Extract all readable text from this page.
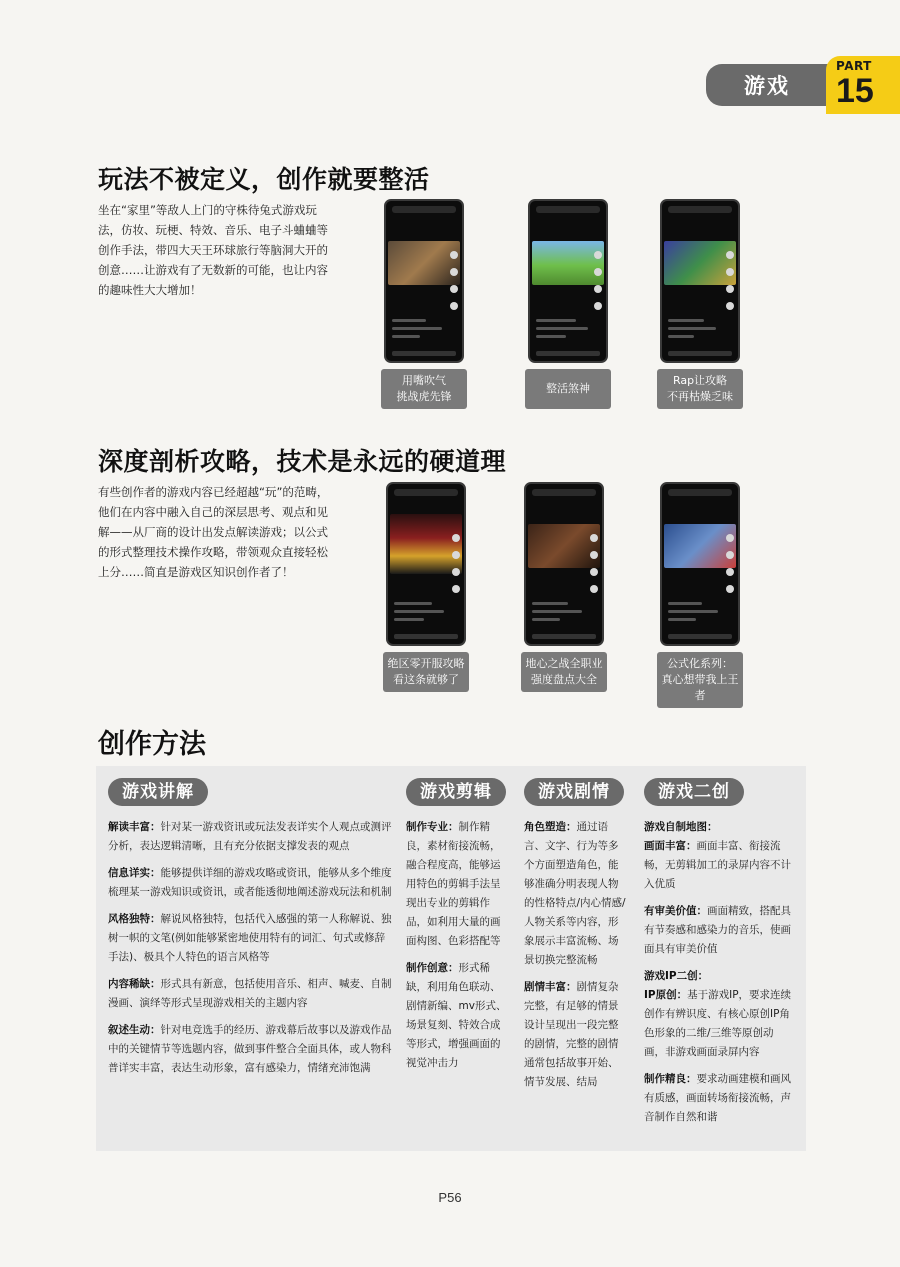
游戏
PART
15
玩法不被定义，创作就要整活
坐在“家里”等敌人上门的守株待兔式游戏玩法，仿妆、玩梗、特效、音乐、电子斗蛐蛐等创作手法，带四大天王环球旅行等脑洞大开的创意……让游戏有了无数新的可能，也让内容的趣味性大大增加！
用嘴吹气
挑战虎先锋
整活煞神
Rap让攻略
不再枯燥乏味
深度剖析攻略，技术是永远的硬道理
有些创作者的游戏内容已经超越“玩”的范畴，他们在内容中融入自己的深层思考、观点和见解——从厂商的设计出发点解读游戏；以公式的形式整理技术操作攻略，带领观众直接轻松上分……简直是游戏区知识创作者了！
绝区零开服攻略
看这条就够了
地心之战全职业
强度盘点大全
公式化系列：
真心想带我上王者
创作方法
游戏讲解

解读丰富：针对某一游戏资讯或玩法发表详实个人观点或测评分析，表达逻辑清晰，且有充分依据支撑发表的观点

信息详实：能够提供详细的游戏攻略或资讯，能够从多个维度梳理某一游戏知识或资讯，或者能透彻地阐述游戏玩法和机制

风格独特：解说风格独特，包括代入感强的第一人称解说、独树一帜的文笔(例如能够紧密地使用特有的词汇、句式或修辞手法)、极具个人特色的语言风格等

内容稀缺：形式具有新意，包括使用音乐、相声、喊麦、自制漫画、演绎等形式呈现游戏相关的主题内容

叙述生动：针对电竞选手的经历、游戏幕后故事以及游戏作品中的关键情节等选题内容，做到事件整合全面具体，或人物科普详实丰富，表达生动形象，富有感染力，情绪充沛饱满

游戏剪辑

制作专业：制作精良，素材衔接流畅，融合程度高，能够运用特色的剪辑手法呈现出专业的剪辑作品，如利用大量的画面构图、色彩搭配等

制作创意：形式稀缺，利用角色联动、剧情新编、mv形式、场景复刻、特效合成等形式，增强画面的视觉冲击力

游戏剧情

角色塑造：通过语言、文字、行为等多个方面塑造角色，能够准确分明表现人物的性格特点/内心情感/人物关系等内容，形象展示丰富流畅、场景切换完整流畅

剧情丰富：剧情复杂完整，有足够的情景设计呈现出一段完整的剧情，完整的剧情通常包括故事开始、情节发展、结局

游戏二创

游戏自制地图：

画面丰富：画面丰富、衔接流畅，无剪辑加工的录屏内容不计入优质

有审美价值：画面精致，搭配具有节奏感和感染力的音乐，使画面具有审美价值

游戏IP二创：

IP原创：基于游戏IP，要求连续创作有辨识度、有核心原创IP角色形象的二维/三维等原创动画，非游戏画面录屏内容

制作精良：要求动画建模和画风有质感，画面转场衔接流畅，声音制作自然和谐

P56
